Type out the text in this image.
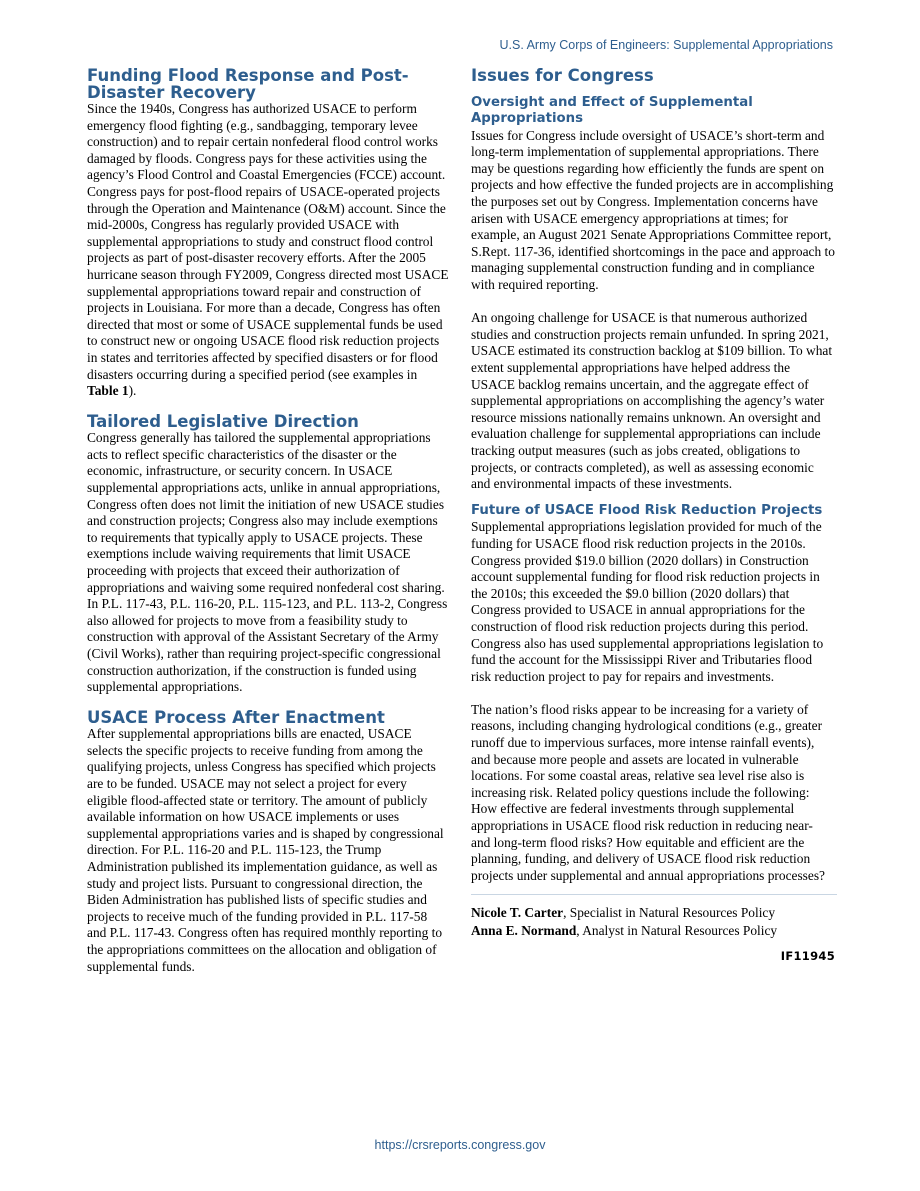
U.S. Army Corps of Engineers: Supplemental Appropriations
Funding Flood Response and Post-Disaster Recovery

Since the 1940s, Congress has authorized USACE to perform emergency flood fighting (e.g., sandbagging, temporary levee construction) and to repair certain nonfederal flood control works damaged by floods. Congress pays for these activities using the agency’s Flood Control and Coastal Emergencies (FCCE) account. Congress pays for post-flood repairs of USACE-operated projects through the Operation and Maintenance (O&M) account. Since the mid-2000s, Congress has regularly provided USACE with supplemental appropriations to study and construct flood control projects as part of post-disaster recovery efforts. After the 2005 hurricane season through FY2009, Congress directed most USACE supplemental appropriations toward repair and construction of projects in Louisiana. For more than a decade, Congress has often directed that most or some of USACE supplemental funds be used to construct new or ongoing USACE flood risk reduction projects in states and territories affected by specified disasters or for flood disasters occurring during a specified period (see examples in Table 1).

Tailored Legislative Direction

Congress generally has tailored the supplemental appropriations acts to reflect specific characteristics of the disaster or the economic, infrastructure, or security concern. In USACE supplemental appropriations acts, unlike in annual appropriations, Congress often does not limit the initiation of new USACE studies and construction projects; Congress also may include exemptions to requirements that typically apply to USACE projects. These exemptions include waiving requirements that limit USACE proceeding with projects that exceed their authorization of appropriations and waiving some required nonfederal cost sharing. In P.L. 117-43, P.L. 116-20, P.L. 115-123, and P.L. 113-2, Congress also allowed for projects to move from a feasibility study to construction with approval of the Assistant Secretary of the Army (Civil Works), rather than requiring project-specific congressional construction authorization, if the construction is funded using supplemental appropriations.

USACE Process After Enactment

After supplemental appropriations bills are enacted, USACE selects the specific projects to receive funding from among the qualifying projects, unless Congress has specified which projects are to be funded. USACE may not select a project for every eligible flood-affected state or territory. The amount of publicly available information on how USACE implements or uses supplemental appropriations varies and is shaped by congressional direction. For P.L. 116-20 and P.L. 115-123, the Trump Administration published its implementation guidance, as well as study and project lists. Pursuant to congressional direction, the Biden Administration has published lists of specific studies and projects to receive much of the funding provided in P.L. 117-58 and P.L. 117-43. Congress often has required monthly reporting to the appropriations committees on the allocation and obligation of supplemental funds.

Issues for Congress
Oversight and Effect of Supplemental Appropriations

Issues for Congress include oversight of USACE’s short-term and long-term implementation of supplemental appropriations. There may be questions regarding how efficiently the funds are spent on projects and how effective the funded projects are in accomplishing the purposes set out by Congress. Implementation concerns have arisen with USACE emergency appropriations at times; for example, an August 2021 Senate Appropriations Committee report, S.Rept. 117-36, identified shortcomings in the pace and approach to managing supplemental construction funding and in compliance with required reporting.

An ongoing challenge for USACE is that numerous authorized studies and construction projects remain unfunded. In spring 2021, USACE estimated its construction backlog at $109 billion. To what extent supplemental appropriations have helped address the USACE backlog remains uncertain, and the aggregate effect of supplemental appropriations on accomplishing the agency’s water resource missions nationally remains unknown. An oversight and evaluation challenge for supplemental appropriations can include tracking output measures (such as jobs created, obligations to projects, or contracts completed), as well as assessing economic and environmental impacts of these investments.

Future of USACE Flood Risk Reduction Projects

Supplemental appropriations legislation provided for much of the funding for USACE flood risk reduction projects in the 2010s. Congress provided $19.0 billion (2020 dollars) in Construction account supplemental funding for flood risk reduction projects in the 2010s; this exceeded the $9.0 billion (2020 dollars) that Congress provided to USACE in annual appropriations for the construction of flood risk reduction projects during this period. Congress also has used supplemental appropriations legislation to fund the account for the Mississippi River and Tributaries flood risk reduction project to pay for repairs and investments.

The nation’s flood risks appear to be increasing for a variety of reasons, including changing hydrological conditions (e.g., greater runoff due to impervious surfaces, more intense rainfall events), and because more people and assets are located in vulnerable locations. For some coastal areas, relative sea level rise also is increasing risk. Related policy questions include the following: How effective are federal investments through supplemental appropriations in USACE flood risk reduction in reducing near- and long-term flood risks? How equitable and efficient are the planning, funding, and delivery of USACE flood risk reduction projects under supplemental and annual appropriations processes?

Nicole T. Carter, Specialist in Natural Resources Policy
Anna E. Normand, Analyst in Natural Resources Policy
IF11945
https://crsreports.congress.gov
